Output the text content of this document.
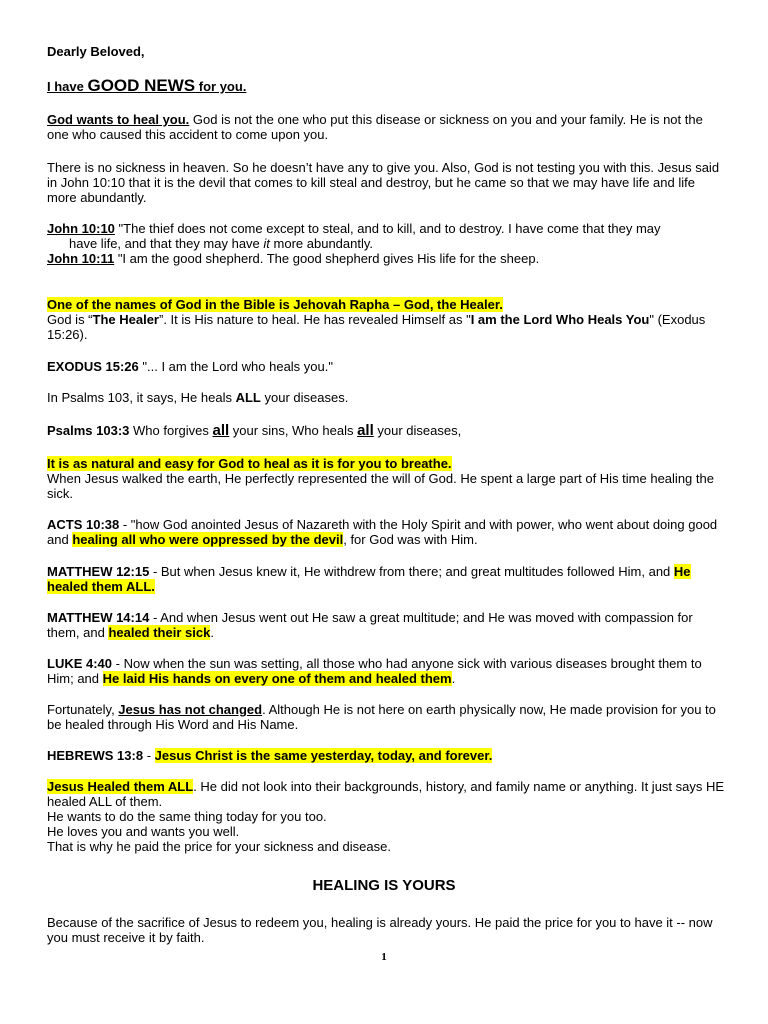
Dearly Beloved,
I have GOOD NEWS for you.
God wants to heal you. God is not the one who put this disease or sickness on you and your family. He is not the one who caused this accident to come upon you.
There is no sickness in heaven. So he doesn’t have any to give you. Also, God is not testing you with this. Jesus said in John 10:10 that it is the devil that comes to kill steal and destroy, but he came so that we may have life and life more abundantly.
John 10:10 "The thief does not come except to steal, and to kill, and to destroy. I have come that they may
have life, and that they may have it more abundantly.
John 10:11 "I am the good shepherd. The good shepherd gives His life for the sheep.
One of the names of God in the Bible is Jehovah Rapha – God, the Healer.
God is “The Healer”. It is His nature to heal. He has revealed Himself as "I am the Lord Who Heals You" (Exodus 15:26).
EXODUS 15:26 "... I am the Lord who heals you."
In Psalms 103, it says, He heals ALL your diseases.
Psalms 103:3 Who forgives all your sins, Who heals all your diseases,
It is as natural and easy for God to heal as it is for you to breathe.
When Jesus walked the earth, He perfectly represented the will of God. He spent a large part of His time healing the sick.
ACTS 10:38 - "how God anointed Jesus of Nazareth with the Holy Spirit and with power, who went about doing good and healing all who were oppressed by the devil, for God was with Him.
MATTHEW 12:15 - But when Jesus knew it, He withdrew from there; and great multitudes followed Him, and He healed them ALL.
MATTHEW 14:14 - And when Jesus went out He saw a great multitude; and He was moved with compassion for them, and healed their sick.
LUKE 4:40 - Now when the sun was setting, all those who had anyone sick with various diseases brought them to Him; and He laid His hands on every one of them and healed them.
Fortunately, Jesus has not changed. Although He is not here on earth physically now, He made provision for you to be healed through His Word and His Name.
HEBREWS 13:8 - Jesus Christ is the same yesterday, today, and forever.
Jesus Healed them ALL. He did not look into their backgrounds, history, and family name or anything. It just says HE healed ALL of them.
He wants to do the same thing today for you too.
He loves you and wants you well.
That is why he paid the price for your sickness and disease.
HEALING IS YOURS
Because of the sacrifice of Jesus to redeem you, healing is already yours. He paid the price for you to have it -- now you must receive it by faith.
1
